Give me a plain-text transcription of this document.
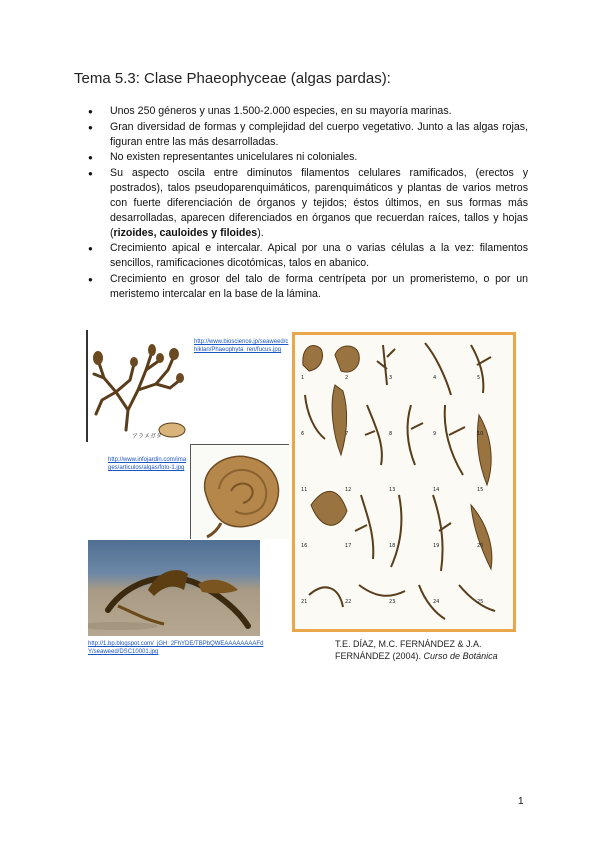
Tema 5.3: Clase Phaeophyceae (algas pardas):
● Unos 250 géneros y unas 1.500-2.000 especies, en su mayoría marinas.
● Gran diversidad de formas y complejidad del cuerpo vegetativo. Junto a las algas rojas, figuran entre las más desarrolladas.
● No existen representantes unicelulares ni coloniales.
● Su aspecto oscila entre diminutos filamentos celulares ramificados, (erectos y postrados), talos pseudoparenquimáticos, parenquimáticos y plantas de varios metros con fuerte diferenciación de órganos y tejidos; éstos últimos, en sus formas más desarrolladas, aparecen diferenciados en órganos que recuerdan raíces, tallos y hojas (rizoides, cauloides y filoides).
● Crecimiento apical e intercalar. Apical por una o varias células a la vez: filamentos sencillos, ramificaciones dicotómicas, talos en abanico.
● Crecimiento en grosor del talo de forma centrípeta por un promeristemo, o por un meristemo intercalar en la base de la lámina.
アラメガタ
http://www.bioscience.jp/seaweed/chiklan/Phaeophyta_ren/fucus.jpg
http://www.infojardin.com/images/articulos/algas/foto-1.jpg
http://1.bp.blogspot.com/_jGH_2FhYDE/TBPbQWEAAAAAAAAFdY/seaweed/DSC10001.jpg
1	2	3	4	5
6	7	8	9	10
11	12	13	14	15
16	17	18	19	20
21	22	23	24	25
T.E. DÍAZ, M.C. FERNÁNDEZ & J.A. FERNÁNDEZ (2004). Curso de Botánica
1
